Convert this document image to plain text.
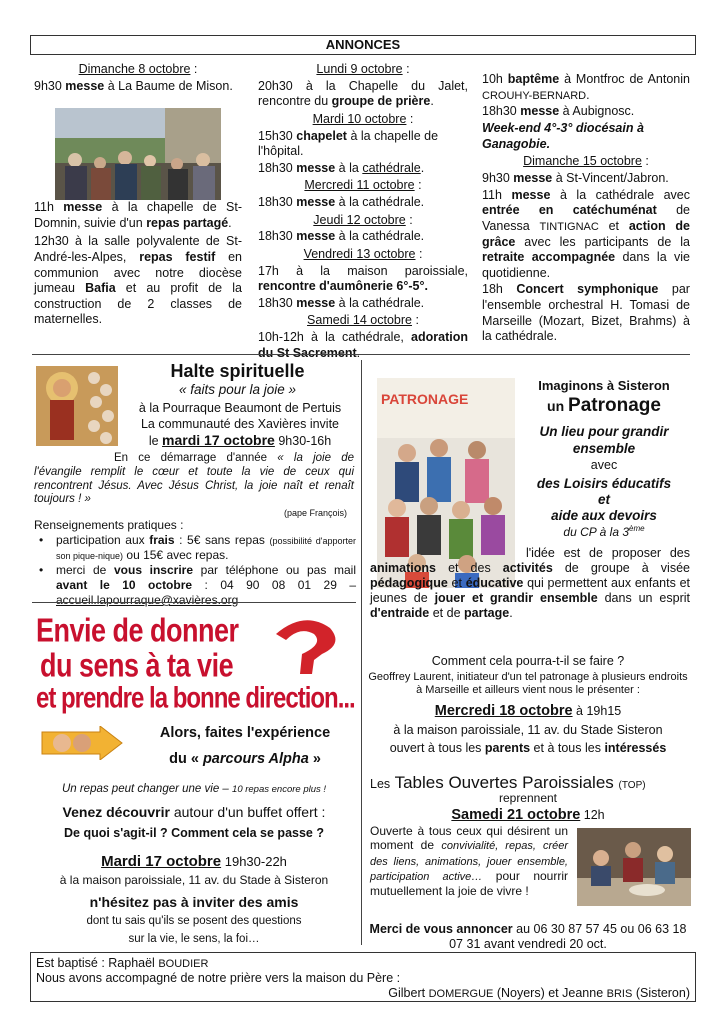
ANNONCES

Dimanche 8 octobre :

9h30 messe à La Baume de Mison.

11h messe à la chapelle de St-Domnin, suivie d'un repas partagé.

12h30 à la salle polyvalente de St-André-les-Alpes, repas festif en communion avec notre diocèse jumeau Bafia et au profit de la construction de 2 classes de maternelles.

Lundi 9 octobre :

20h30 à la Chapelle du Jalet, rencontre du groupe de prière.

Mardi 10 octobre :

15h30 chapelet à la chapelle de l'hôpital.

18h30 messe à la cathédrale.

Mercredi 11 octobre :

18h30 messe à la cathédrale.

Jeudi 12 octobre :

18h30 messe à la cathédrale.

Vendredi 13 octobre :

17h à la maison paroissiale, rencontre d'aumônerie 6°-5°.

18h30 messe à la cathédrale.

Samedi 14 octobre :

10h-12h à la cathédrale, adoration du St Sacrement.

10h baptême à Montfroc de Antonin CROUHY-BERNARD.

18h30 messe à Aubignosc.

Week-end 4°-3° diocésain à Ganagobie.

Dimanche 15 octobre :

9h30 messe à St-Vincent/Jabron.

11h messe à la cathédrale avec entrée en catéchuménat de Vanessa TINTIGNAC et action de grâce avec les participants de la retraite accompagnée dans la vie quotidienne.

18h Concert symphonique par l'ensemble orchestral H. Tomasi de Marseille (Mozart, Bizet, Brahms) à la cathédrale.

Halte spirituelle
« faits pour la joie »

à la Pourraque Beaumont de Pertuis

La communauté des Xavières invite

le mardi 17 octobre 9h30-16h

En ce démarrage d'année « la joie de l'évangile remplit le cœur et toute la vie de ceux qui rencontrent Jésus. Avec Jésus Christ, la joie naît et renaît toujours ! »
(pape François)

Renseignements pratiques :

• participation aux frais : 5€ sans repas (possibilité d'apporter son pique-nique) ou 15€ avec repas.
• merci de vous inscrire par téléphone ou pas mail avant le 10 octobre : 04 90 08 01 29 – accueil.lapourraque@xavières.org
Envie de donner
du sens à ta vie
et prendre la bonne direction...
Alpha
Alors, faites l'expérience
du « parcours Alpha »
Un repas peut changer une vie – 10 repas encore plus !
Venez découvrir autour d'un buffet offert :
De quoi s'agit-il ? Comment cela se passe ?
Mardi 17 octobre 19h30-22h
à la maison paroissiale, 11 av. du Stade à Sisteron
n'hésitez pas à inviter des amis
dont tu sais qu'ils se posent des questions
sur la vie, le sens, la foi…
PATRONAGE
Imaginons à Sisteron
un Patronage
Un lieu pour grandir ensemble
avec
des Loisirs éducatifs
et
aide aux devoirs
du CP à la 3ème
l'idée est de proposer des animations et des activités de groupe à visée pédagogique et éducative qui permettent aux enfants et jeunes de jouer et grandir ensemble dans un esprit d'entraide et de partage.
Comment cela pourra-t-il se faire ?
Geoffrey Laurent, initiateur d'un tel patronage à plusieurs endroits à Marseille et ailleurs vient nous le présenter :
Mercredi 18 octobre à 19h15
à la maison paroissiale, 11 av. du Stade Sisteron
ouvert à tous les parents et à tous les intéressés
Les Tables Ouvertes Paroissiales (TOP)
reprennent
Samedi 21 octobre 12h
Ouverte à tous ceux qui désirent un moment de convivialité, repas, créer des liens, animations, jouer ensemble, participation active… pour nourrir mutuellement la joie de vivre !
Merci de vous annoncer au 06 30 87 57 45 ou 06 63 18 07 31 avant vendredi 20 oct.

Est baptisé : Raphaël BOUDIER

Nous avons accompagné de notre prière vers la maison du Père :

Gilbert DOMERGUE (Noyers) et Jeanne BRIS (Sisteron)
